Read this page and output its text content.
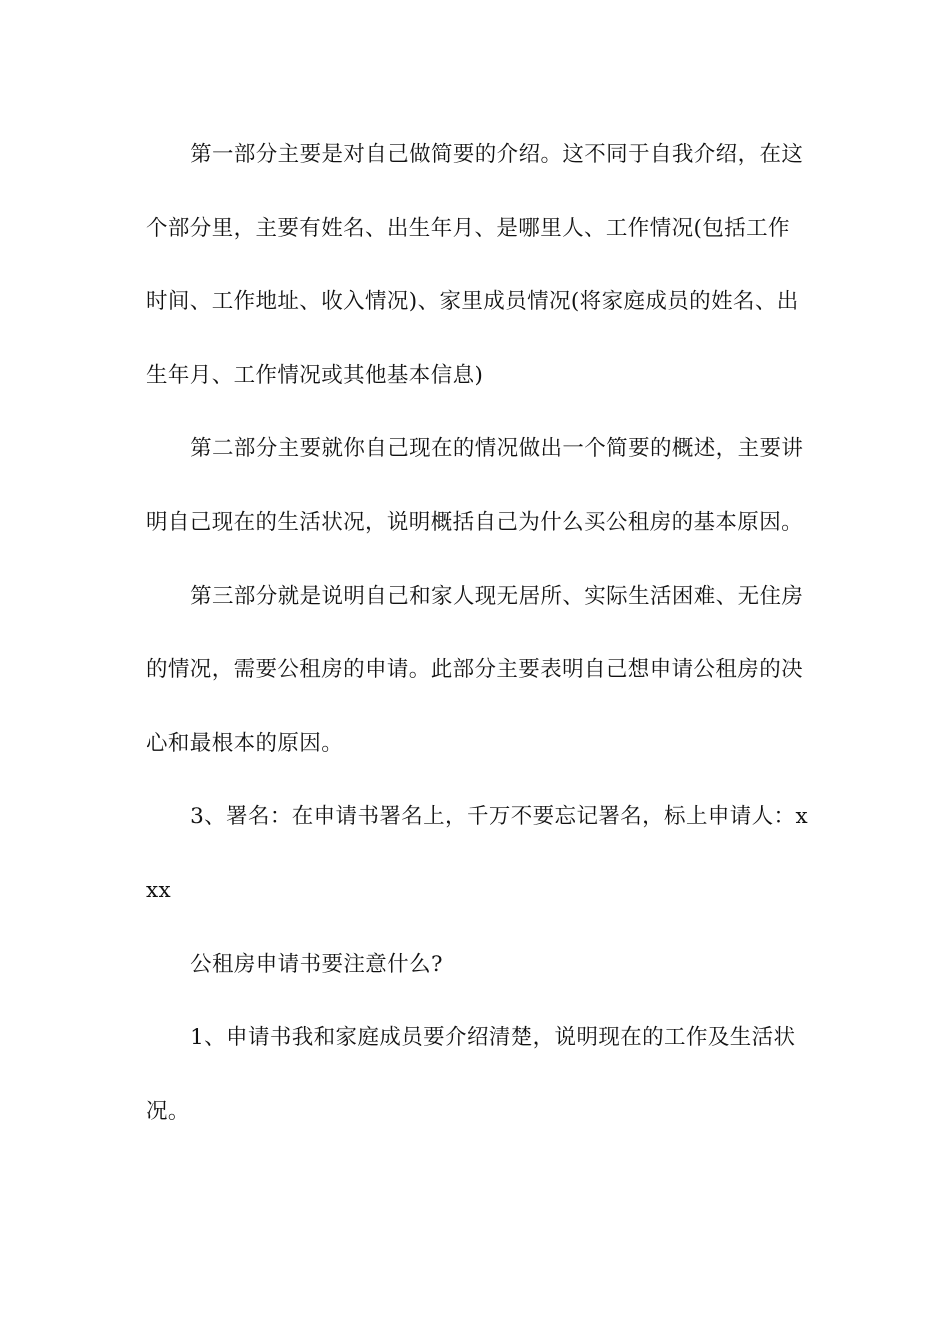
第一部分主要是对自己做简要的介绍。这不同于自我介绍，在这个部分里，主要有姓名、出生年月、是哪里人、工作情况(包括工作时间、工作地址、收入情况)、家里成员情况(将家庭成员的姓名、出生年月、工作情况或其他基本信息)

第二部分主要就你自己现在的情况做出一个简要的概述，主要讲明自己现在的生活状况，说明概括自己为什么买公租房的基本原因。

第三部分就是说明自己和家人现无居所、实际生活困难、无住房的情况，需要公租房的申请。此部分主要表明自己想申请公租房的决心和最根本的原因。

3、署名：在申请书署名上，千万不要忘记署名，标上申请人：xxx

公租房申请书要注意什么?

1、申请书我和家庭成员要介绍清楚，说明现在的工作及生活状况。
